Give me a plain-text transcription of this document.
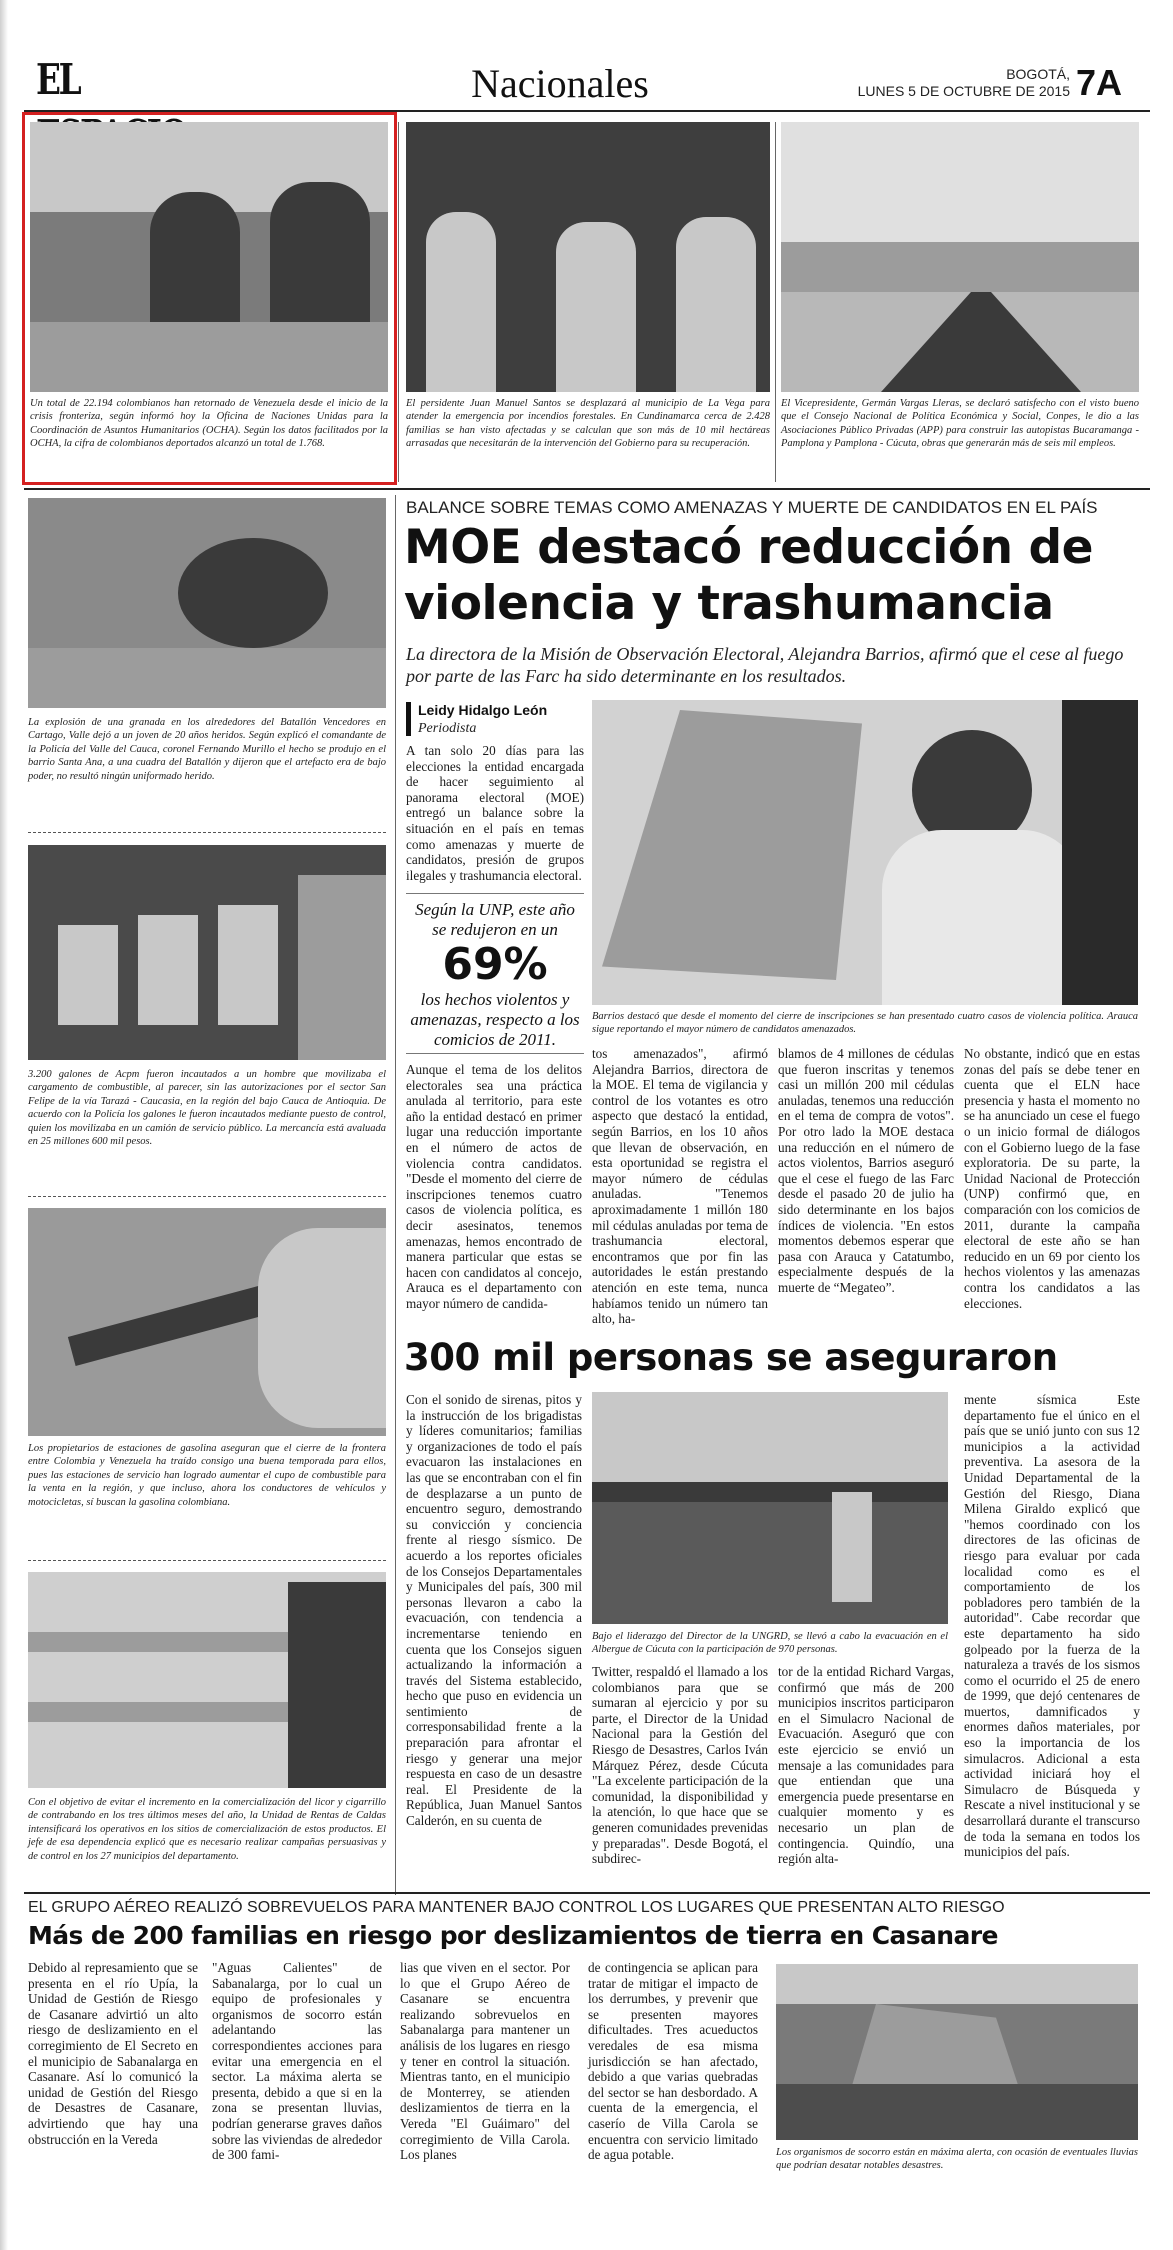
EL	Nacionales	BOGOTÁ,
LUNES 5 DE OCTUBRE DE 2015 7A
Un total de 22.194 colombianos han retornado de Venezuela desde el inicio de la crisis fronteriza, según informó hoy la Oficina de Naciones Unidas para la Coordinación de Asuntos Humanitarios (OCHA). Según los datos facilitados por la OCHA, la cifra de colombianos deportados alcanzó un total de 1.768.
El persidente Juan Manuel Santos se desplazará al municipio de La Vega para atender la emergencia por incendios forestales. En Cundinamarca cerca de 2.428 familias se han visto afectadas y se calculan que son más de 10 mil hectáreas arrasadas que necesitarán de la intervención del Gobierno para su recuperación.
El Vicepresidente, Germán Vargas Lleras, se declaró satisfecho con el visto bueno que el Consejo Nacional de Política Económica y Social, Conpes, le dio a las Asociaciones Público Privadas (APP) para construir las autopistas Bucaramanga - Pamplona y Pamplona - Cúcuta, obras que generarán más de seis mil empleos.
La explosión de una granada en los alrededores del Batallón Vencedores en Cartago, Valle dejó a un joven de 20 años heridos. Según explicó el comandante de la Policía del Valle del Cauca, coronel Fernando Murillo el hecho se produjo en el barrio Santa Ana, a una cuadra del Batallón y dijeron que el artefacto era de bajo poder, no resultó ningún uniformado herido.
3.200 galones de Acpm fueron incautados a un hombre que movilizaba el cargamento de combustible, al parecer, sin las autorizaciones por el sector San Felipe de la vía Tarazá - Caucasia, en la región del bajo Cauca de Antioquia. De acuerdo con la Policía los galones le fueron incautados mediante puesto de control, quien los movilizaba en un camión de servicio público. La mercancía está avaluada en 25 millones 600 mil pesos.
Los propietarios de estaciones de gasolina aseguran que el cierre de la frontera entre Colombia y Venezuela ha traído consigo una buena temporada para ellos, pues las estaciones de servicio han logrado aumentar el cupo de combustible para la venta en la región, y que incluso, ahora los conductores de vehículos y motocicletas, sí buscan la gasolina colombiana.
Con el objetivo de evitar el incremento en la comercialización del licor y cigarrillo de contrabando en los tres últimos meses del año, la Unidad de Rentas de Caldas intensificará los operativos en los sitios de comercialización de estos productos. El jefe de esa dependencia explicó que es necesario realizar campañas persuasivas y de control en los 27 municipios del departamento.
BALANCE SOBRE TEMAS COMO AMENAZAS Y MUERTE DE CANDIDATOS EN EL PAÍS
MOE destacó reducción de
violencia y trashumancia
La directora de la Misión de Observación Electoral, Alejandra Barrios, afirmó que el cese al fuego por parte de las Farc ha sido determinante en los resultados.
Leidy Hidalgo León
Periodista
A tan solo 20 días para las elecciones la entidad encargada de hacer seguimiento al panorama electoral (MOE) entregó un balance sobre la situación en el país en temas como amenazas y muerte de candidatos, presión de grupos ilegales y trashumancia electoral.
Según la UNP, este año se redujeron en un
69%
los hechos violentos y amenazas, respecto a los comicios de 2011.
Barrios destacó que desde el momento del cierre de inscripciones se han presentado cuatro casos de violencia política. Arauca sigue reportando el mayor número de candidatos amenazados.
Aunque el tema de los delitos electorales sea una práctica anulada al territorio, para este año la entidad destacó en primer lugar una reducción importante en el número de actos de violencia contra candidatos. "Desde el momento del cierre de inscripciones tenemos cuatro casos de violencia política, es decir asesinatos, tenemos amenazas, hemos encontrado de manera particular que estas se hacen con candidatos al concejo, Arauca es el departamento con mayor número de candida-
tos amenazados", afirmó Alejandra Barrios, directora de la MOE. El tema de vigilancia y control de los votantes es otro aspecto que destacó la entidad, según Barrios, en los 10 años que llevan de observación, en esta oportunidad se registra el mayor número de cédulas anuladas. "Tenemos aproximadamente 1 millón 180 mil cédulas anuladas por tema de trashumancia electoral, encontramos que por fin las autoridades le están prestando atención en este tema, nunca habíamos tenido un número tan alto, ha-
blamos de 4 millones de cédulas que fueron inscritas y tenemos casi un millón 200 mil cédulas anuladas, tenemos una reducción en el tema de compra de votos". Por otro lado la MOE destaca una reducción en el número de actos violentos, Barrios aseguró que el cese el fuego de las Farc desde el pasado 20 de julio ha sido determinante en los bajos índices de violencia. "En estos momentos debemos esperar que pasa con Arauca y Catatumbo, especialmente después de la muerte de “Megateo”.
No obstante, indicó que en estas zonas del país se debe tener en cuenta que el ELN hace presencia y hasta el momento no se ha anunciado un cese el fuego o un inicio formal de diálogos con el Gobierno luego de la fase exploratoria. De su parte, la Unidad Nacional de Protección (UNP) confirmó que, en comparación con los comicios de 2011, durante la campaña electoral de este año se han reducido en un 69 por ciento los hechos violentos y las amenazas contra los candidatos a las elecciones.
300 mil personas se aseguraron
Con el sonido de sirenas, pitos y la instrucción de los brigadistas y líderes comunitarios; familias y organizaciones de todo el país evacuaron las instalaciones en las que se encontraban con el fin de desplazarse a un punto de encuentro seguro, demostrando su convicción y conciencia frente al riesgo sísmico. De acuerdo a los reportes oficiales de los Consejos Departamentales y Municipales del país, 300 mil personas llevaron a cabo la evacuación, con tendencia a incrementarse teniendo en cuenta que los Consejos siguen actualizando la información a través del Sistema establecido, hecho que puso en evidencia un sentimiento de corresponsabilidad frente a la preparación para afrontar el riesgo y generar una mejor respuesta en caso de un desastre real. El Presidente de la República, Juan Manuel Santos Calderón, en su cuenta de
Bajo el liderazgo del Director de la UNGRD, se llevó a cabo la evacuación en el Albergue de Cúcuta con la participación de 970 personas.
Twitter, respaldó el llamado a los colombianos para que se sumaran al ejercicio y por su parte, el Director de la Unidad Nacional para la Gestión del Riesgo de Desastres, Carlos Iván Márquez Pérez, desde Cúcuta "La excelente participación de la comunidad, la disponibilidad y la atención, lo que hace que se generen comunidades prevenidas y preparadas". Desde Bogotá, el subdirec-
tor de la entidad Richard Vargas, confirmó que más de 200 municipios inscritos participaron en el Simulacro Nacional de Evacuación. Aseguró que con este ejercicio se envió un mensaje a las comunidades para que entiendan que una emergencia puede presentarse en cualquier momento y es necesario un plan de contingencia. Quindío, una región alta-
mente sísmica Este departamento fue el único en el país que se unió junto con sus 12 municipios a la actividad preventiva. La asesora de la Unidad Departamental de la Gestión del Riesgo, Diana Milena Giraldo explicó que "hemos coordinado con los directores de las oficinas de riesgo para evaluar por cada localidad como es el comportamiento de los pobladores pero también de la autoridad". Cabe recordar que este departamento ha sido golpeado por la fuerza de la naturaleza a través de los sismos como el ocurrido el 25 de enero de 1999, que dejó centenares de muertos, damnificados y enormes daños materiales, por eso la importancia de los simulacros. Adicional a esta actividad iniciará hoy el Simulacro de Búsqueda y Rescate a nivel institucional y se desarrollará durante el transcurso de toda la semana en todos los municipios del país.
EL GRUPO AÉREO REALIZÓ SOBREVUELOS PARA MANTENER BAJO CONTROL LOS LUGARES QUE PRESENTAN ALTO RIESGO
Más de 200 familias en riesgo por deslizamientos de tierra en Casanare
Debido al represamiento que se presenta en el río Upía, la Unidad de Gestión de Riesgo de Casanare advirtió un alto riesgo de deslizamiento en el corregimiento de El Secreto en el municipio de Sabanalarga en Casanare. Así lo comunicó la unidad de Gestión del Riesgo de Desastres de Casanare, advirtiendo que hay una obstrucción en la Vereda
"Aguas Calientes" de Sabanalarga, por lo cual un equipo de profesionales y organismos de socorro están adelantando las correspondientes acciones para evitar una emergencia en el sector. La máxima alerta se presenta, debido a que si en la zona se presentan lluvias, podrían generarse graves daños sobre las viviendas de alrededor de 300 fami-
lias que viven en el sector. Por lo que el Grupo Aéreo de Casanare se encuentra realizando sobrevuelos en Sabanalarga para mantener un análisis de los lugares en riesgo y tener en control la situación. Mientras tanto, en el municipio de Monterrey, se atienden deslizamientos de tierra en la Vereda "El Guáimaro" del corregimiento de Villa Carola. Los planes
de contingencia se aplican para tratar de mitigar el impacto de los derrumbes, y prevenir que se presenten mayores dificultades. Tres acueductos veredales de esa misma jurisdicción se han afectado, debido a que varias quebradas del sector se han desbordado. A cuenta de la emergencia, el caserío de Villa Carola se encuentra con servicio limitado de agua potable.	Los organismos de socorro están en máxima alerta, con ocasión de eventuales lluvias que podrían desatar notables desastres.
